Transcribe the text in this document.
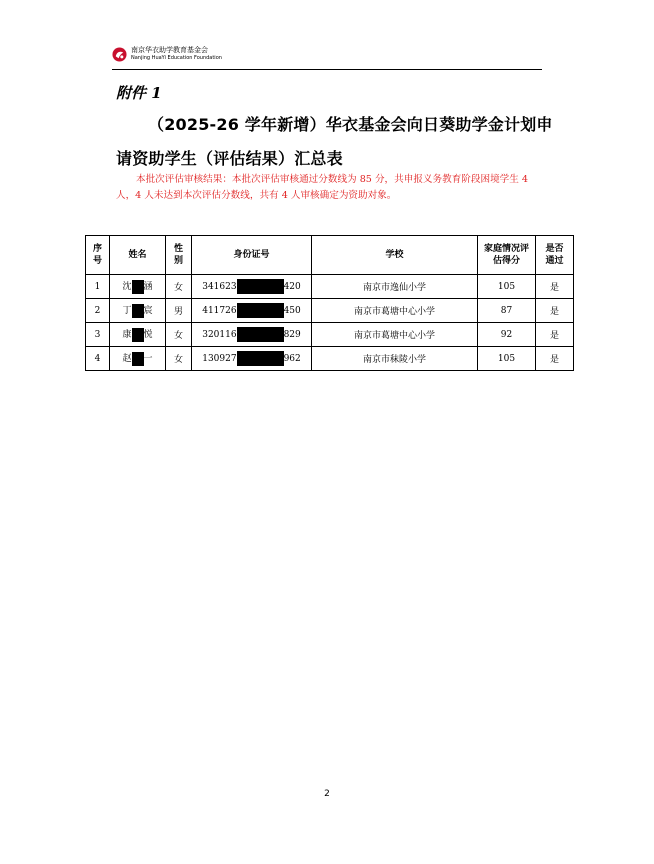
南京华衣助学教育基金会
Nanjing HuaYi Education Foundation
附件 1
（2025-26 学年新增）华衣基金会向日葵助学金计划申
请资助学生（评估结果）汇总表
本批次评估审核结果：本批次评估审核通过分数线为 85 分，共申报义务教育阶段困境学生 4 人，4 人未达到本次评估分数线，共有 4 人审核确定为资助对象。
序号	姓名	性别	身份证号	学校	家庭情况评估得分	是否通过

1	沈 涵	女	341623 420	南京市逸仙小学	105	是
2	丁 宸	男	411726 450	南京市葛塘中心小学	87	是
3	康 悦	女	320116 829	南京市葛塘中心小学	92	是
4	赵 一	女	130927 962	南京市秣陵小学	105	是
2
